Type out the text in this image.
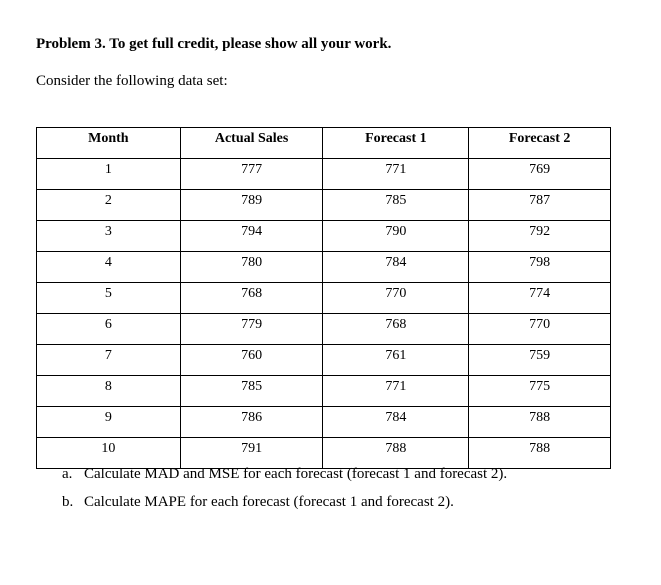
Problem 3. To get full credit, please show all your work.
Consider the following data set:
Month	Actual Sales	Forecast 1	Forecast 2
1	777	771	769
2	789	785	787
3	794	790	792
4	780	784	798
5	768	770	774
6	779	768	770
7	760	761	759
8	785	771	775
9	786	784	788
10	791	788	788
a. Calculate MAD and MSE for each forecast (forecast 1 and forecast 2).
b. Calculate MAPE for each forecast (forecast 1 and forecast 2).
